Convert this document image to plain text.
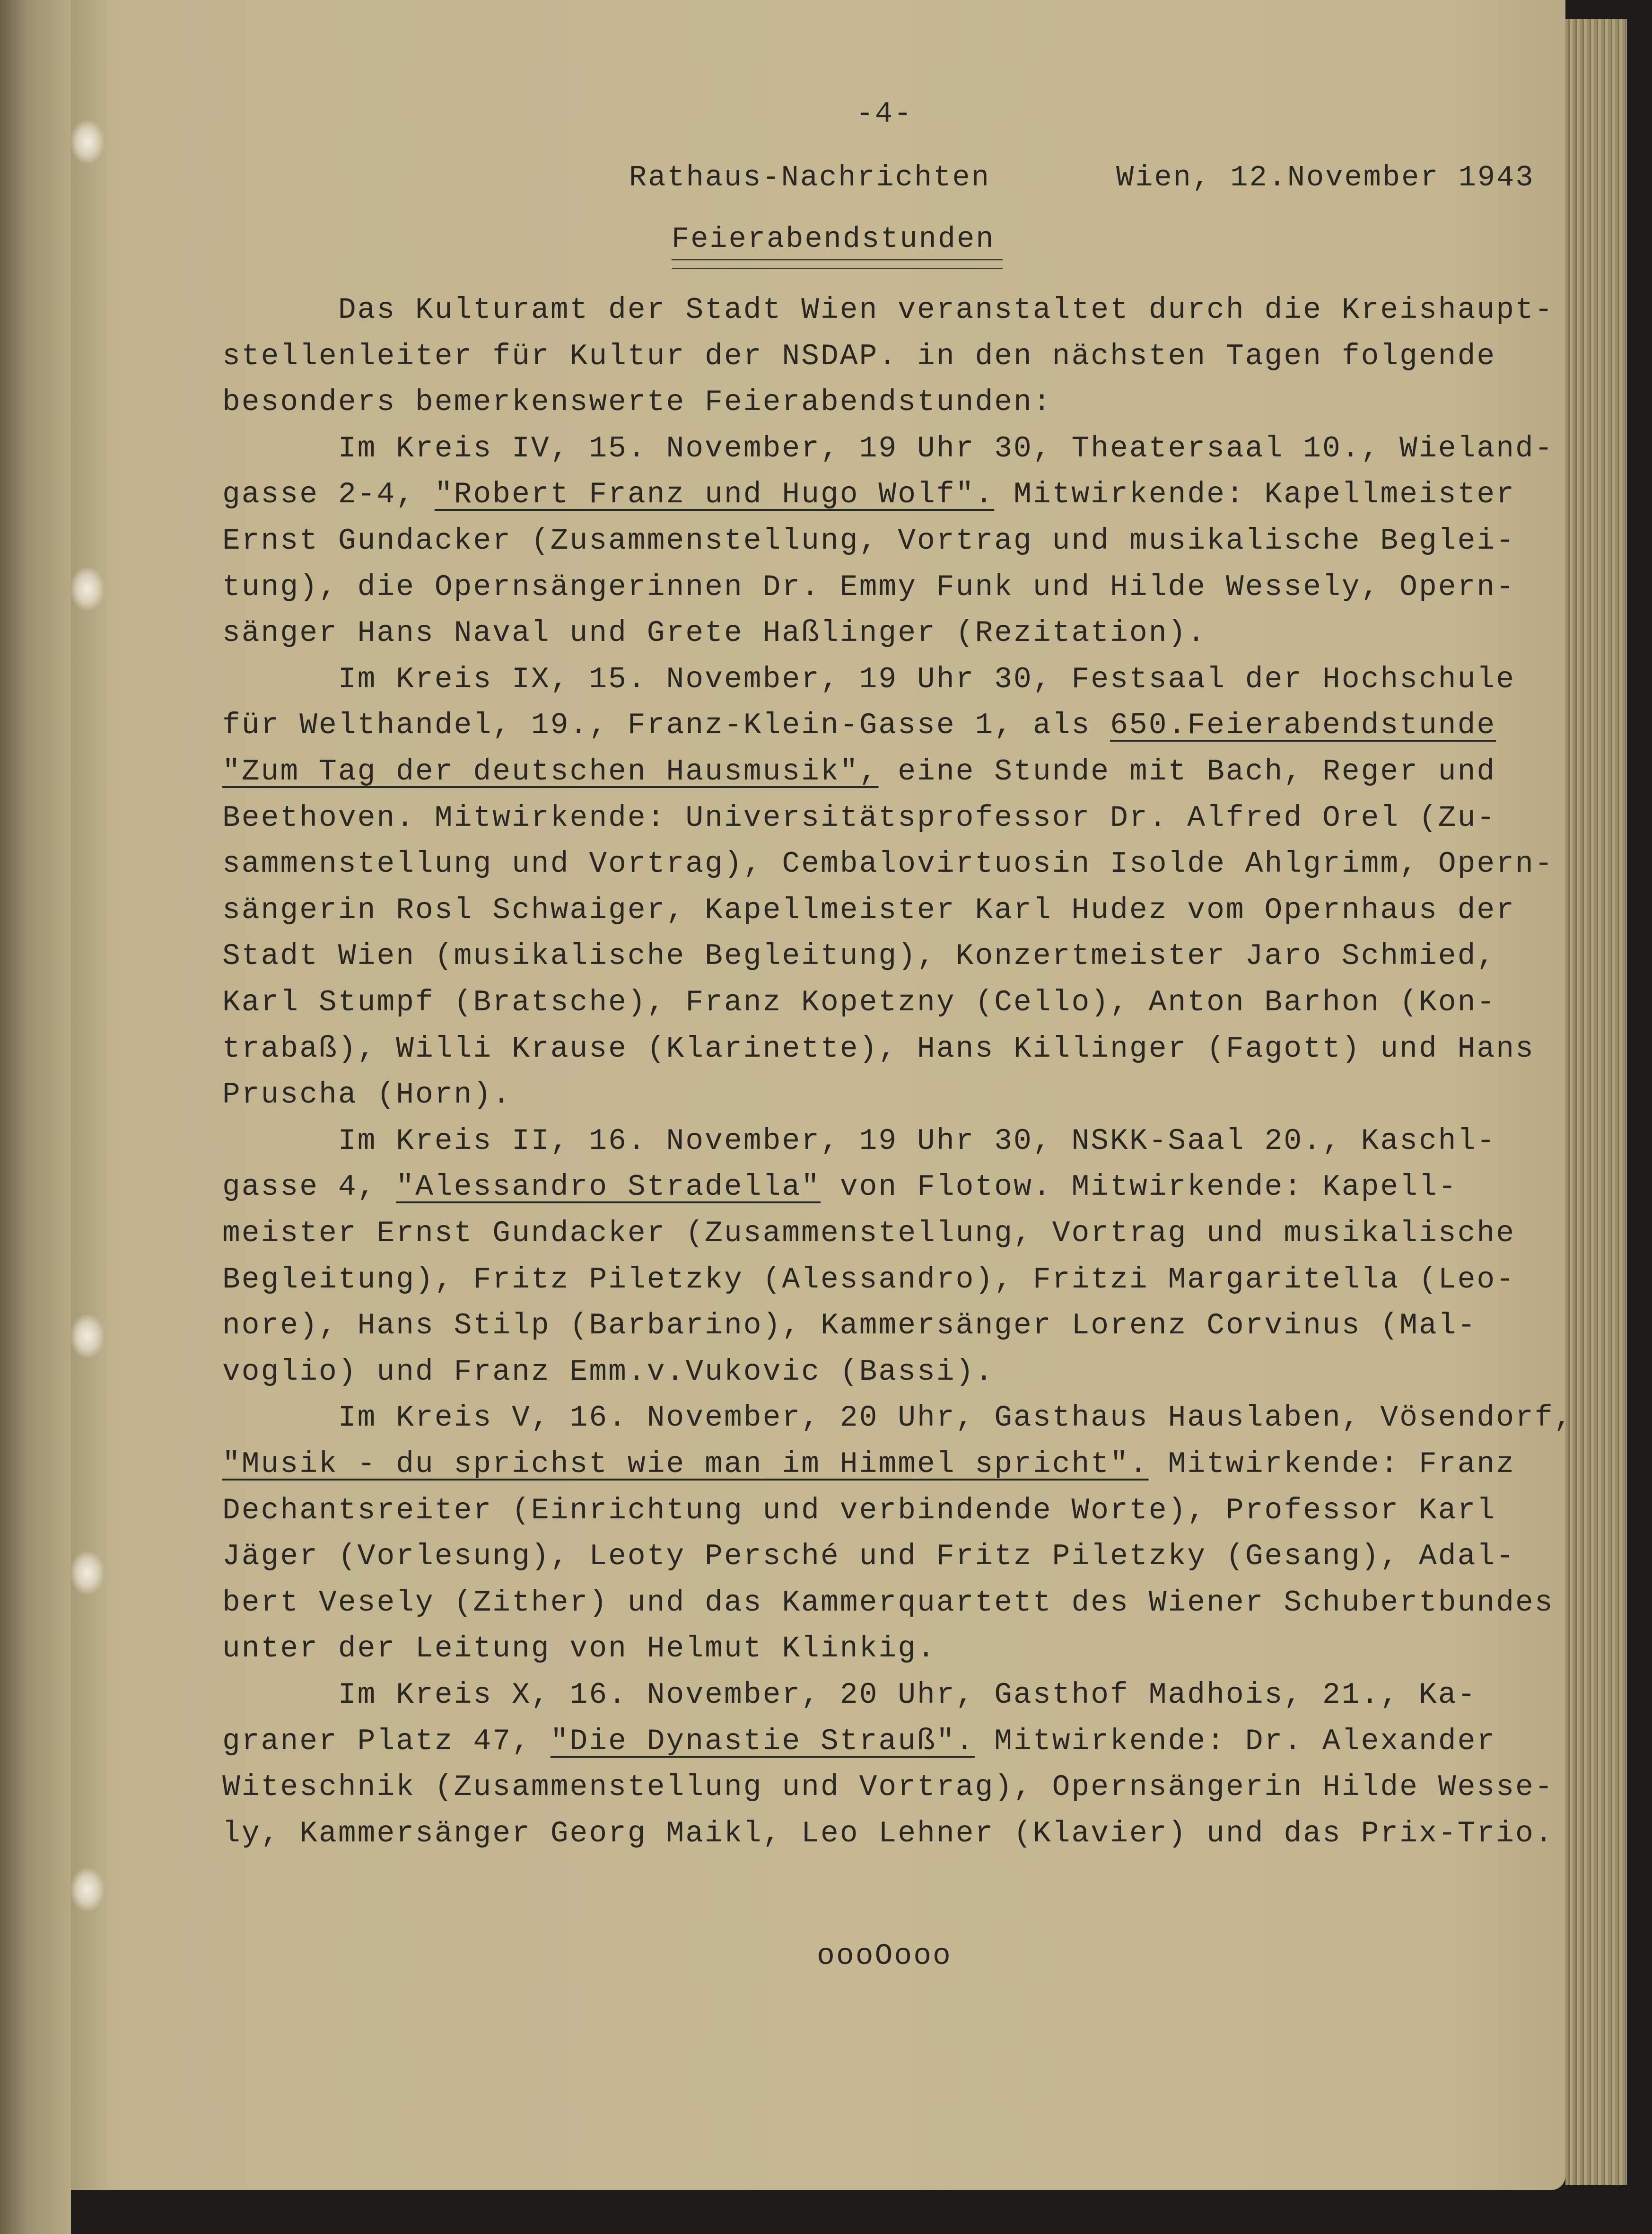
-4-
Rathaus-Nachrichten	Wien, 12.November 1943
Feierabendstunden
Das Kulturamt der Stadt Wien veranstaltet durch die Kreishaupt-
stellenleiter für Kultur der NSDAP. in den nächsten Tagen folgende
besonders bemerkenswerte Feierabendstunden:
Im Kreis IV, 15. November, 19 Uhr 30, Theatersaal 10., Wieland-
gasse 2-4, "Robert Franz und Hugo Wolf". Mitwirkende: Kapellmeister
Ernst Gundacker (Zusammenstellung, Vortrag und musikalische Beglei-
tung), die Opernsängerinnen Dr. Emmy Funk und Hilde Wessely, Opern-
sänger Hans Naval und Grete Haßlinger (Rezitation).
Im Kreis IX, 15. November, 19 Uhr 30, Festsaal der Hochschule
für Welthandel, 19., Franz-Klein-Gasse 1, als 650.Feierabendstunde
"Zum Tag der deutschen Hausmusik", eine Stunde mit Bach, Reger und
Beethoven. Mitwirkende: Universitätsprofessor Dr. Alfred Orel (Zu-
sammenstellung und Vortrag), Cembalovirtuosin Isolde Ahlgrimm, Opern-
sängerin Rosl Schwaiger, Kapellmeister Karl Hudez vom Opernhaus der
Stadt Wien (musikalische Begleitung), Konzertmeister Jaro Schmied,
Karl Stumpf (Bratsche), Franz Kopetzny (Cello), Anton Barhon (Kon-
trabaß), Willi Krause (Klarinette), Hans Killinger (Fagott) und Hans
Pruscha (Horn).
Im Kreis II, 16. November, 19 Uhr 30, NSKK-Saal 20., Kaschl-
gasse 4, "Alessandro Stradella" von Flotow. Mitwirkende: Kapell-
meister Ernst Gundacker (Zusammenstellung, Vortrag und musikalische
Begleitung), Fritz Piletzky (Alessandro), Fritzi Margaritella (Leo-
nore), Hans Stilp (Barbarino), Kammersänger Lorenz Corvinus (Mal-
voglio) und Franz Emm.v.Vukovic (Bassi).
Im Kreis V, 16. November, 20 Uhr, Gasthaus Hauslaben, Vösendorf,
"Musik - du sprichst wie man im Himmel spricht". Mitwirkende: Franz
Dechantsreiter (Einrichtung und verbindende Worte), Professor Karl
Jäger (Vorlesung), Leoty Persché und Fritz Piletzky (Gesang), Adal-
bert Vesely (Zither) und das Kammerquartett des Wiener Schubertbundes
unter der Leitung von Helmut Klinkig.
Im Kreis X, 16. November, 20 Uhr, Gasthof Madhois, 21., Ka-
graner Platz 47, "Die Dynastie Strauß". Mitwirkende: Dr. Alexander
Witeschnik (Zusammenstellung und Vortrag), Opernsängerin Hilde Wesse-
ly, Kammersänger Georg Maikl, Leo Lehner (Klavier) und das Prix-Trio.
oooOooo
